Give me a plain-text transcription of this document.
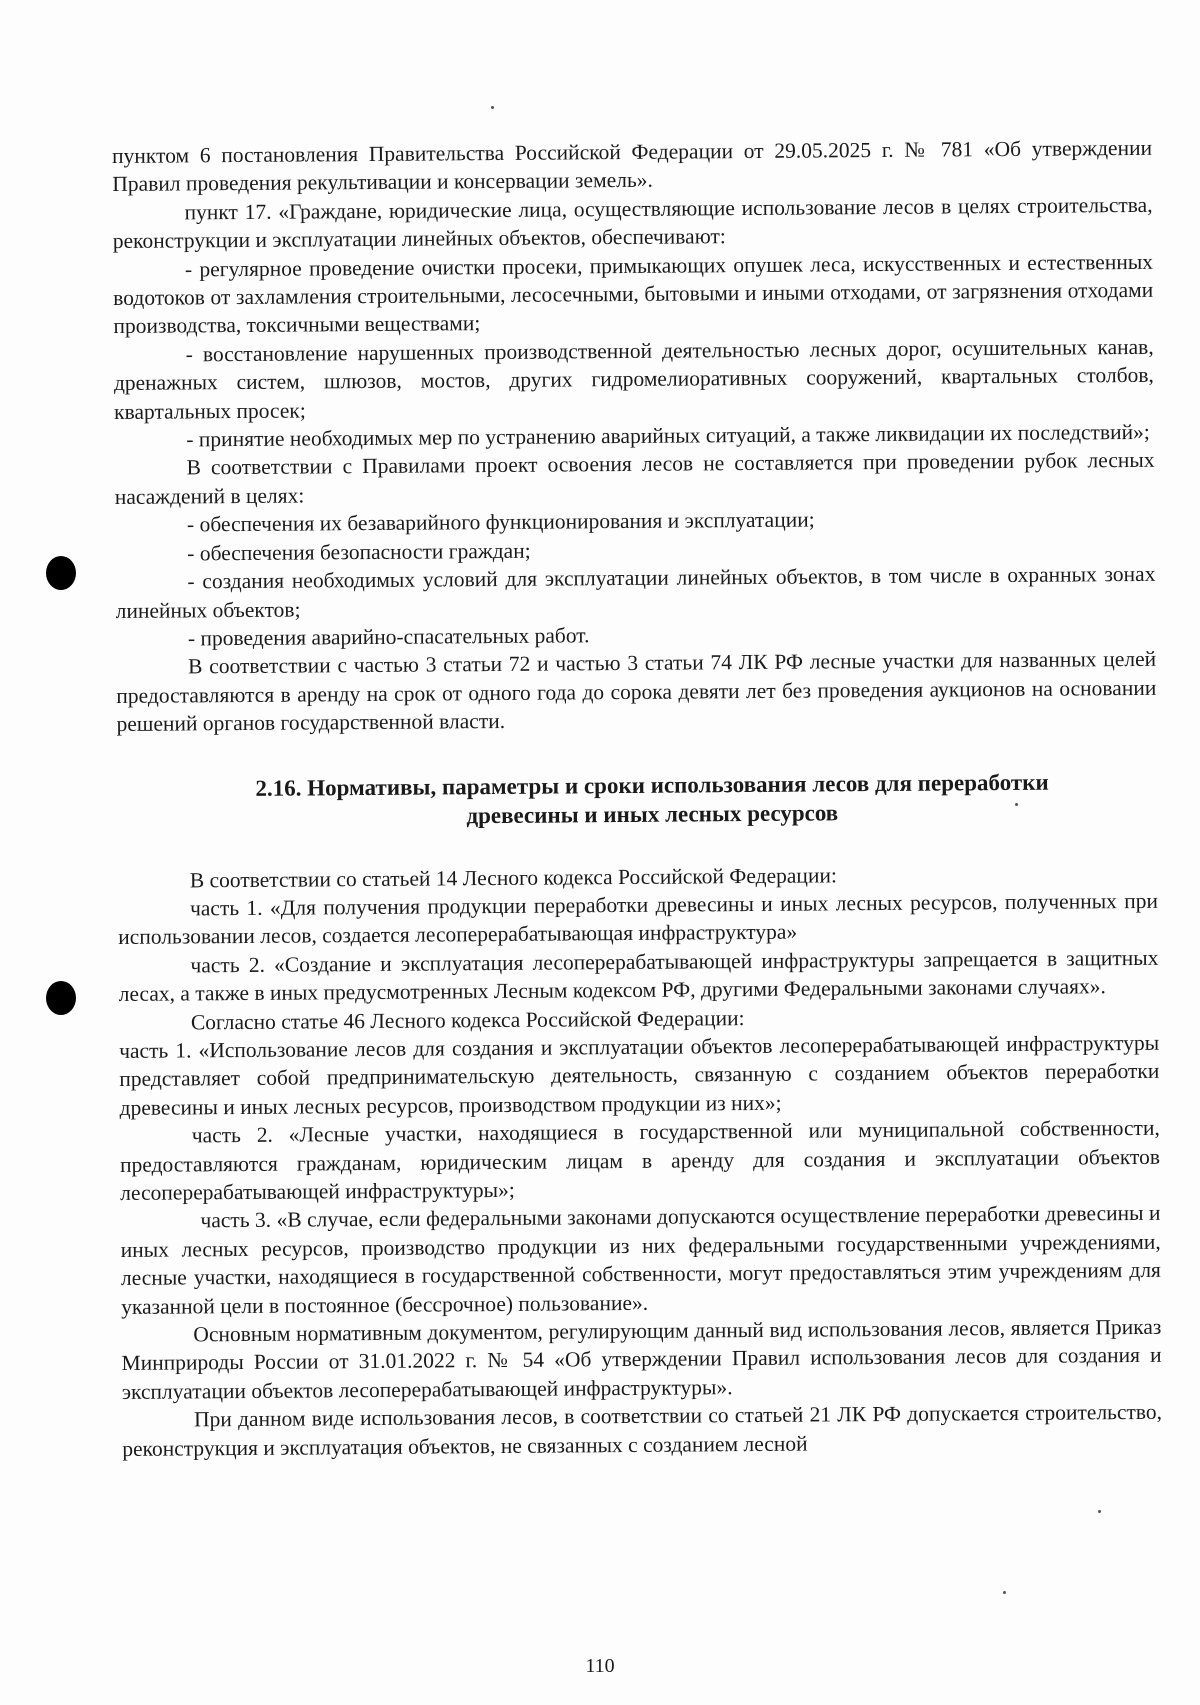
пунктом 6 постановления Правительства Российской Федерации от 29.05.2025 г. № 781 «Об утверждении Правил проведения рекультивации и консервации земель».

пункт 17. «Граждане, юридические лица, осуществляющие использование лесов в целях строительства, реконструкции и эксплуатации линейных объектов, обеспечивают:

- регулярное проведение очистки просеки, примыкающих опушек леса, искусственных и естественных водотоков от захламления строительными, лесосечными, бытовыми и иными отходами, от загрязнения отходами производства, токсичными веществами;

- восстановление нарушенных производственной деятельностью лесных дорог, осушительных канав, дренажных систем, шлюзов, мостов, других гидромелиоративных сооружений, квартальных столбов, квартальных просек;

- принятие необходимых мер по устранению аварийных ситуаций, а также ликвидации их последствий»;

В соответствии с Правилами проект освоения лесов не составляется при проведении рубок лесных насаждений в целях:

- обеспечения их безаварийного функционирования и эксплуатации;

- обеспечения безопасности граждан;

- создания необходимых условий для эксплуатации линейных объектов, в том числе в охранных зонах линейных объектов;

- проведения аварийно-спасательных работ.

В соответствии с частью 3 статьи 72 и частью 3 статьи 74 ЛК РФ лесные участки для названных целей предоставляются в аренду на срок от одного года до сорока девяти лет без проведения аукционов на основании решений органов государственной власти.

2.16. Нормативы, параметры и сроки использования лесов для переработки
древесины и иных лесных ресурсов

В соответствии со статьей 14 Лесного кодекса Российской Федерации:

часть 1. «Для получения продукции переработки древесины и иных лесных ресурсов, полученных при использовании лесов, создается лесоперерабатывающая инфраструктура»

часть 2. «Создание и эксплуатация лесоперерабатывающей инфраструктуры запрещается в защитных лесах, а также в иных предусмотренных Лесным кодексом РФ, другими Федеральными законами случаях».

Согласно статье 46 Лесного кодекса Российской Федерации:

часть 1. «Использование лесов для создания и эксплуатации объектов лесоперерабатывающей инфраструктуры представляет собой предпринимательскую деятельность, связанную с созданием объектов переработки древесины и иных лесных ресурсов, производством продукции из них»;

часть 2. «Лесные участки, находящиеся в государственной или муниципальной собственности, предоставляются гражданам, юридическим лицам в аренду для создания и эксплуатации объектов лесоперерабатывающей инфраструктуры»;

часть 3. «В случае, если федеральными законами допускаются осуществление переработки древесины и иных лесных ресурсов, производство продукции из них федеральными государственными учреждениями, лесные участки, находящиеся в государственной собственности, могут предоставляться этим учреждениям для указанной цели в постоянное (бессрочное) пользование».

Основным нормативным документом, регулирующим данный вид использования лесов, является Приказ Минприроды России от 31.01.2022 г. № 54 «Об утверждении Правил использования лесов для создания и эксплуатации объектов лесоперерабатывающей инфраструктуры».

При данном виде использования лесов, в соответствии со статьей 21 ЛК РФ допускается строительство, реконструкция и эксплуатация объектов, не связанных с созданием лесной

110
